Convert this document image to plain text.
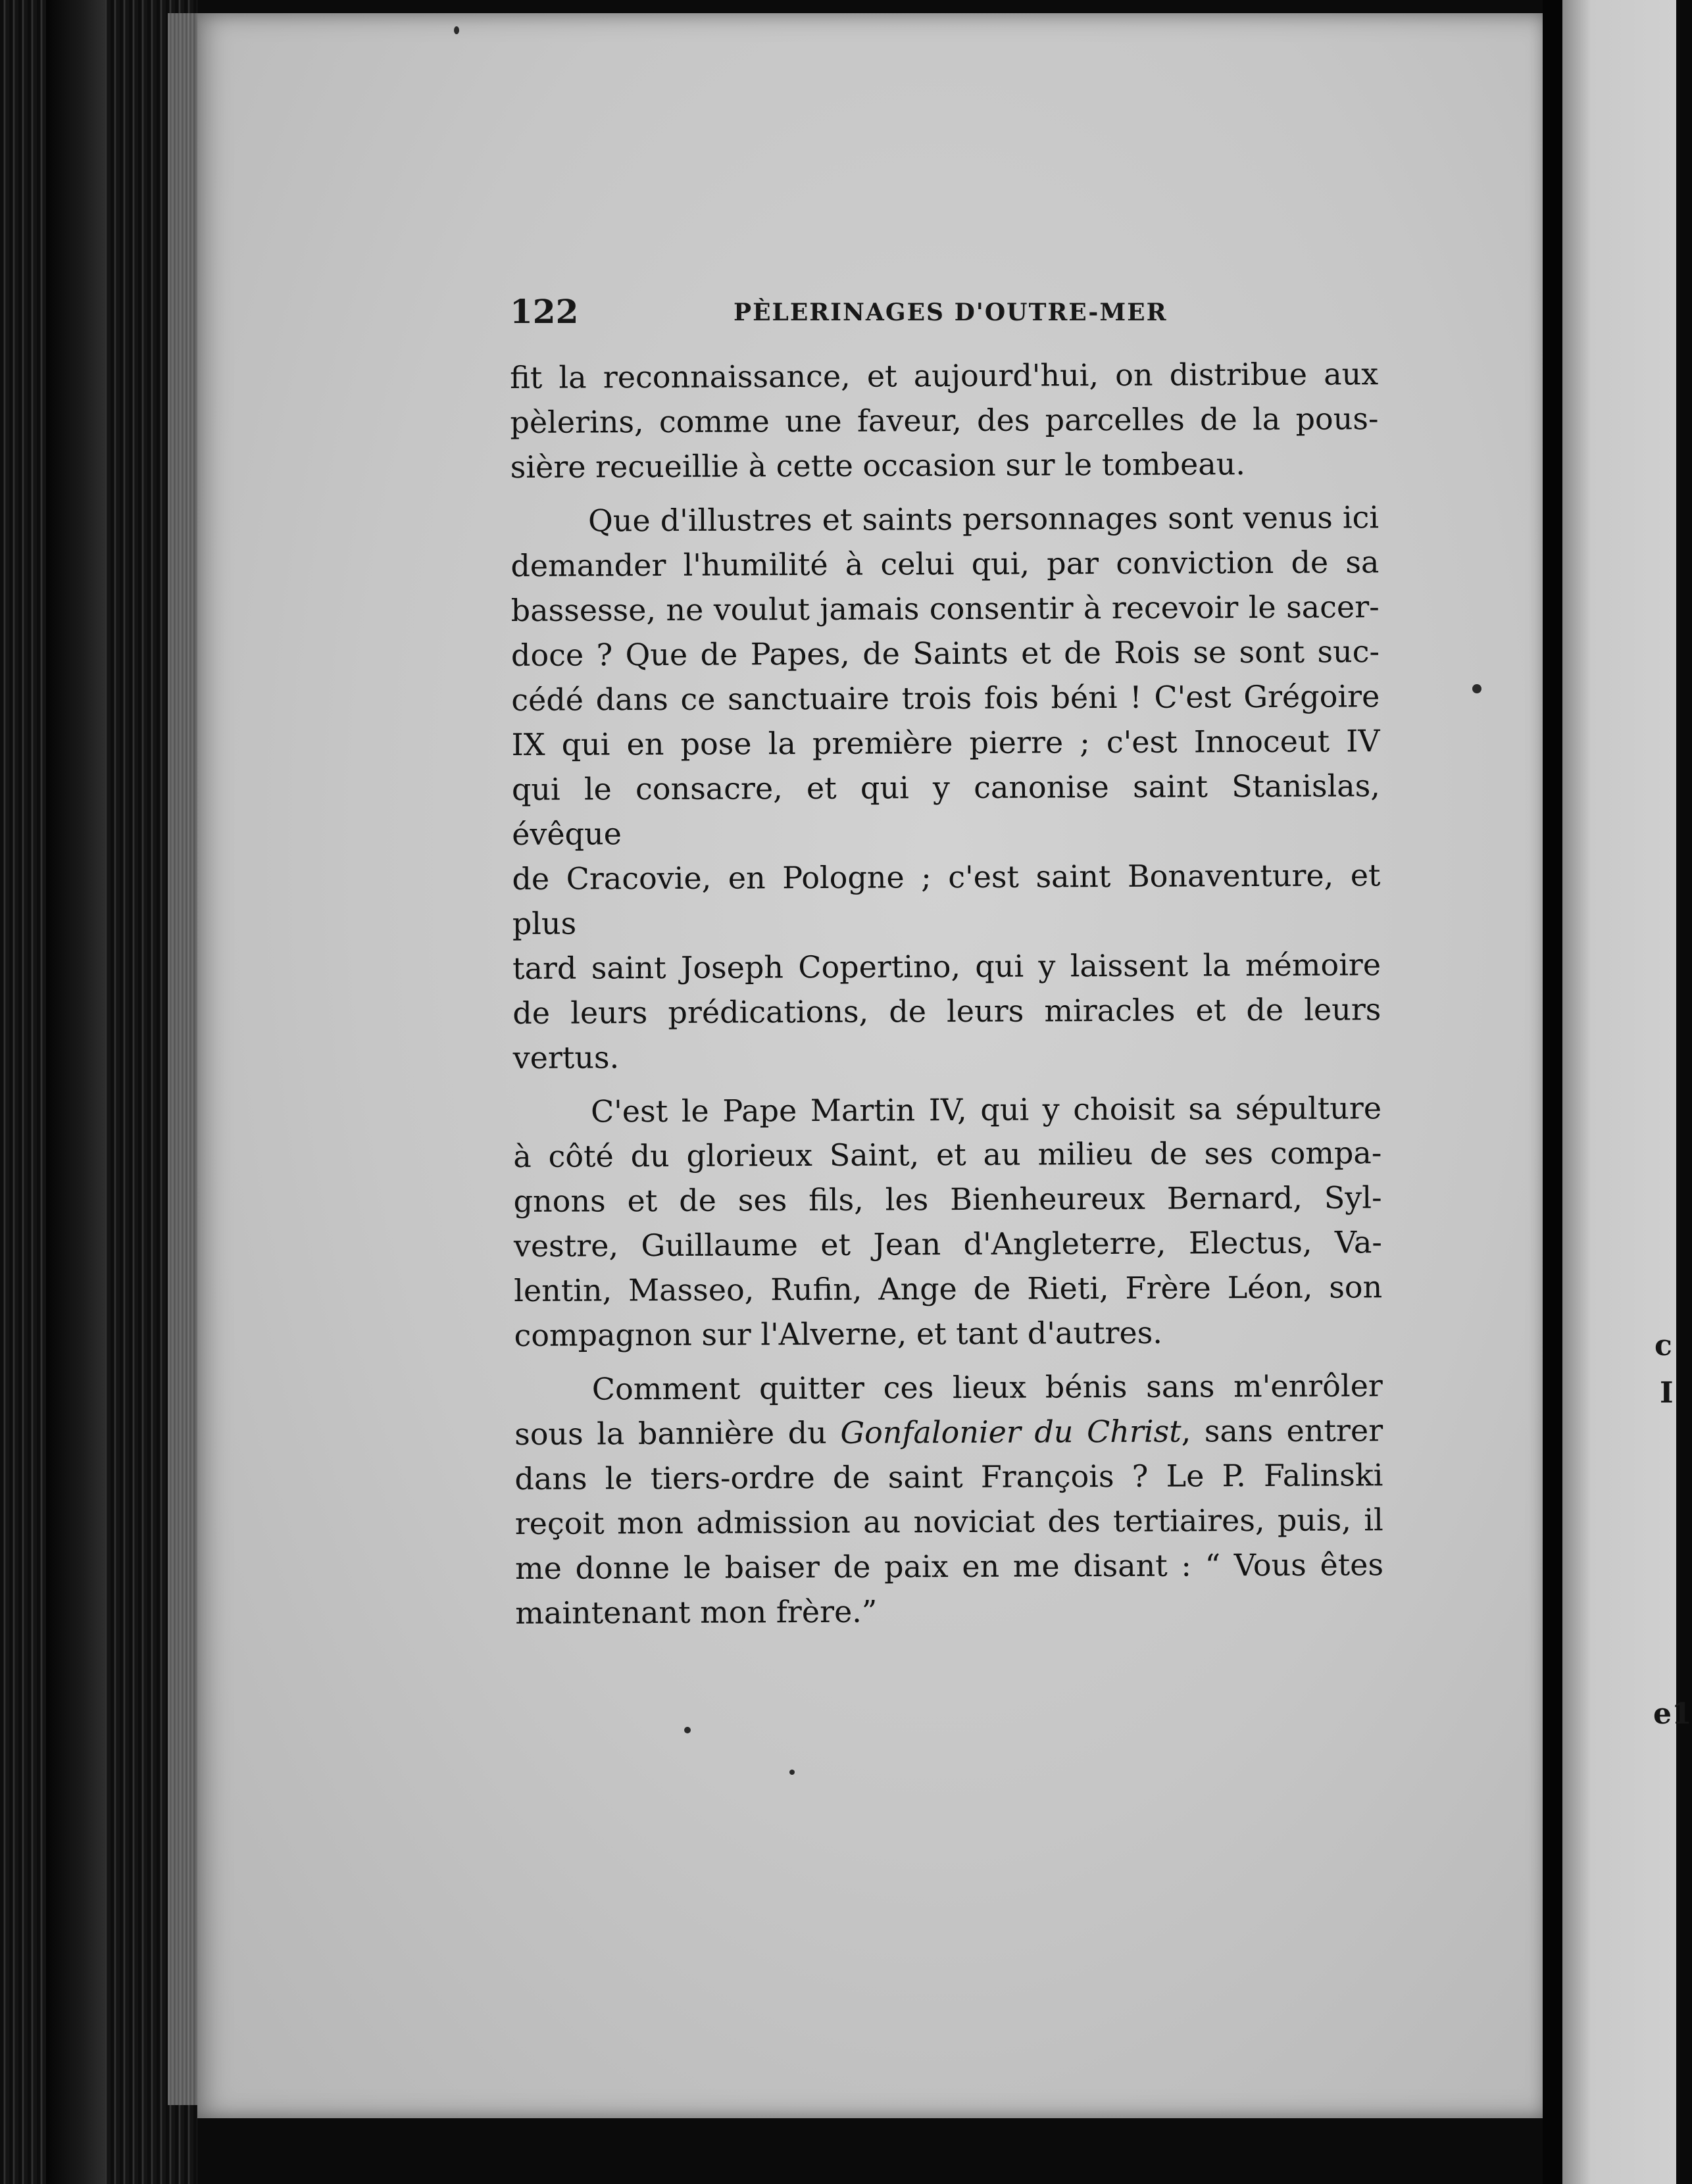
c
I
e1
122	PÈLERINAGES D'OUTRE-MER

fit la reconnaissance, et aujourd'hui, on distribue aux
pèlerins, comme une faveur, des parcelles de la pous-
sière recueillie à cette occasion sur le tombeau.

Que d'illustres et saints personnages sont venus ici
demander l'humilité à celui qui, par conviction de sa
bassesse, ne voulut jamais consentir à recevoir le sacer-
doce ? Que de Papes, de Saints et de Rois se sont suc-
cédé dans ce sanctuaire trois fois béni ! C'est Grégoire
IX qui en pose la première pierre ; c'est Innoceut IV
qui le consacre, et qui y canonise saint Stanislas, évêque
de Cracovie, en Pologne ; c'est saint Bonaventure, et plus
tard saint Joseph Copertino, qui y laissent la mémoire
de leurs prédications, de leurs miracles et de leurs
vertus.

C'est le Pape Martin IV, qui y choisit sa sépulture
à côté du glorieux Saint, et au milieu de ses compa-
gnons et de ses fils, les Bienheureux Bernard, Syl-
vestre, Guillaume et Jean d'Angleterre, Electus, Va-
lentin, Masseo, Rufin, Ange de Rieti, Frère Léon, son
compagnon sur l'Alverne, et tant d'autres.

Comment quitter ces lieux bénis sans m'enrôler
sous la bannière du Gonfalonier du Christ, sans entrer
dans le tiers-ordre de saint François ? Le P. Falinski
reçoit mon admission au noviciat des tertiaires, puis, il
me donne le baiser de paix en me disant : “ Vous êtes
maintenant mon frère.”
